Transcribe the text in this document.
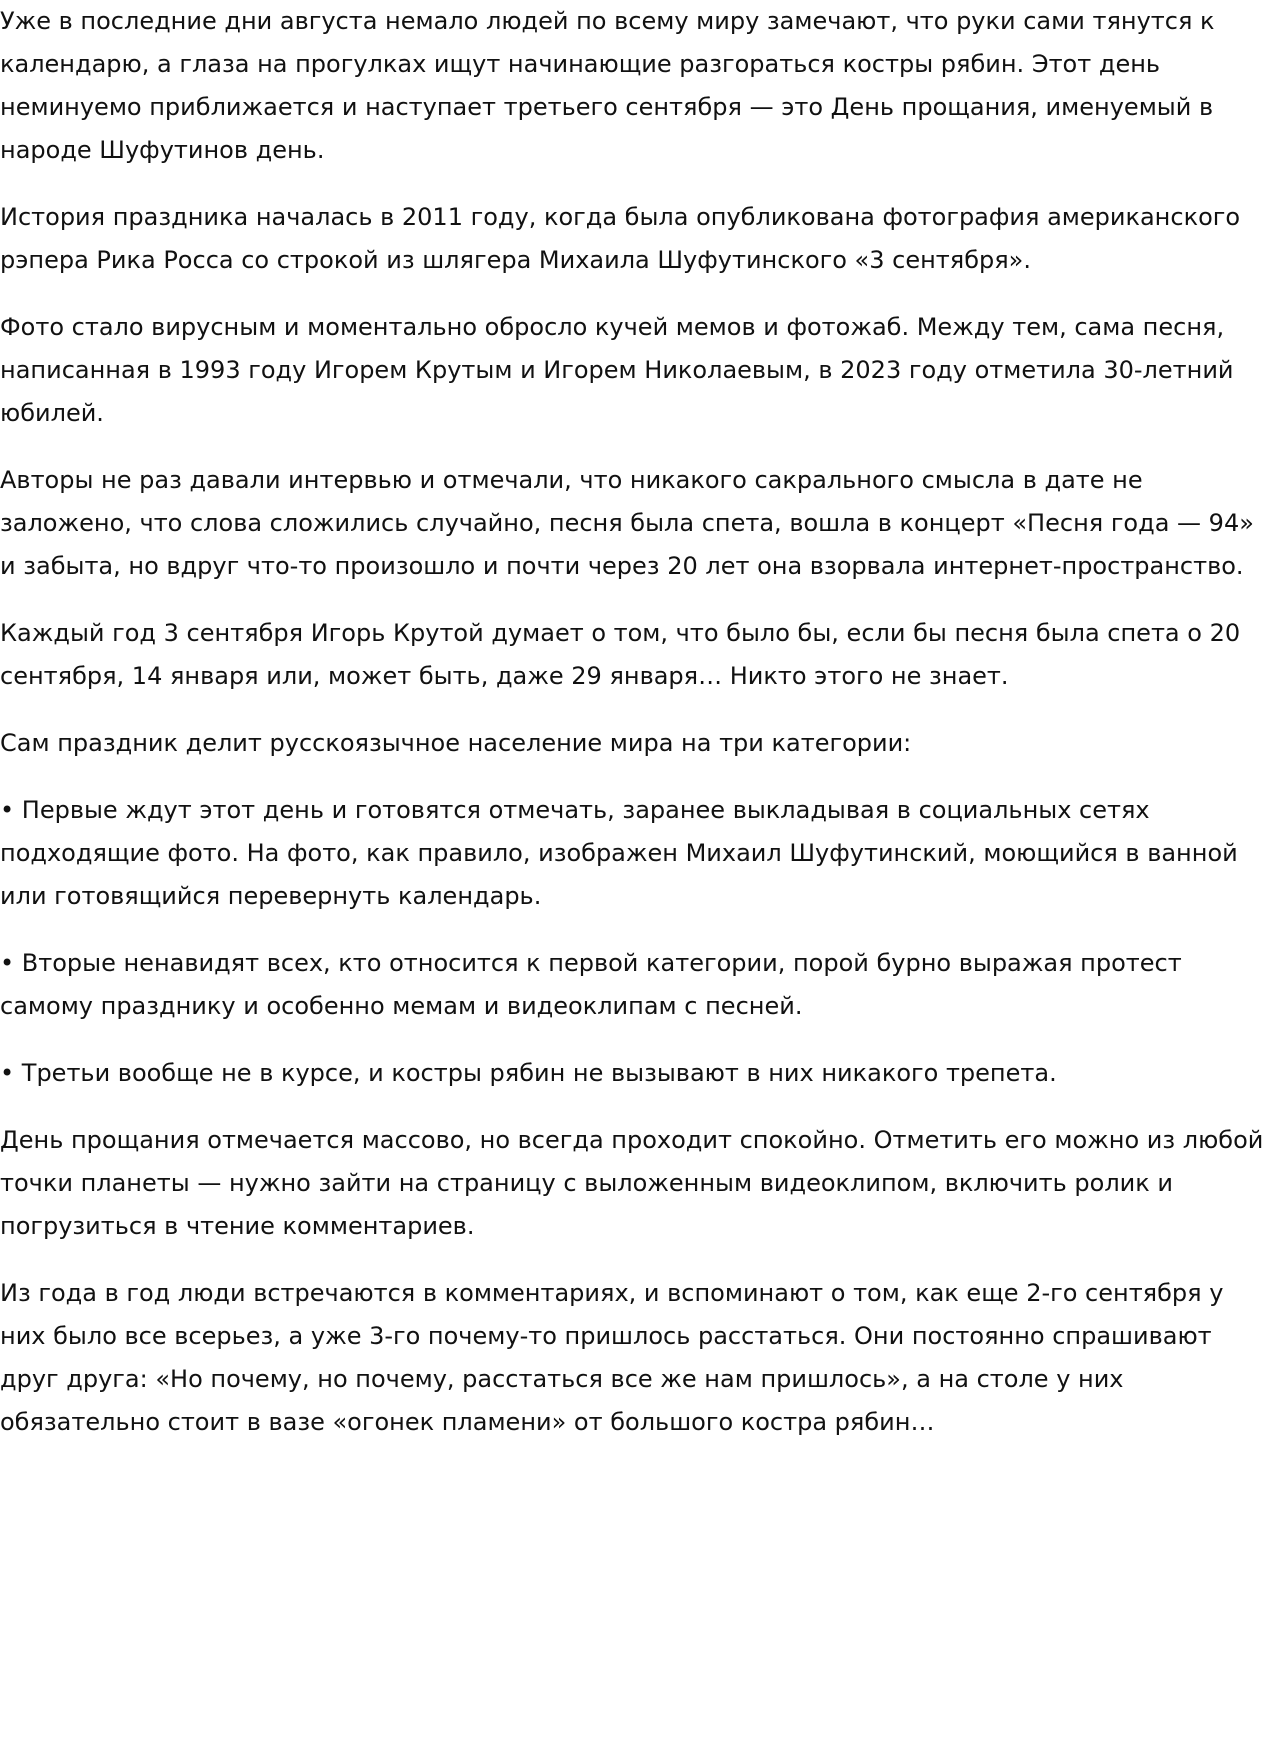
Уже в последние дни августа немало людей по всему миру замечают, что руки сами тянутся к календарю, а глаза на прогулках ищут начинающие разгораться костры рябин. Этот день неминуемо приближается и наступает третьего сентября — это День прощания, именуемый в народе Шуфутинов день.

История праздника началась в 2011 году, когда была опубликована фотография американского рэпера Рика Росса со строкой из шлягера Михаила Шуфутинского «3 сентября».

Фото стало вирусным и моментально обросло кучей мемов и фотожаб. Между тем, сама песня, написанная в 1993 году Игорем Крутым и Игорем Николаевым, в 2023 году отметила 30-летний юбилей.

Авторы не раз давали интервью и отмечали, что никакого сакрального смысла в дате не заложено, что слова сложились случайно, песня была спета, вошла в концерт «Песня года — 94» и забыта, но вдруг что-то произошло и почти через 20 лет она взорвала интернет-пространство.

Каждый год 3 сентября Игорь Крутой думает о том, что было бы, если бы песня была спета о 20 сентября, 14 января или, может быть, даже 29 января… Никто этого не знает.

Сам праздник делит русскоязычное население мира на три категории:

• Первые ждут этот день и готовятся отмечать, заранее выкладывая в социальных сетях подходящие фото. На фото, как правило, изображен Михаил Шуфутинский, моющийся в ванной или готовящийся перевернуть календарь.

• Вторые ненавидят всех, кто относится к первой категории, порой бурно выражая протест самому празднику и особенно мемам и видеоклипам с песней.

• Третьи вообще не в курсе, и костры рябин не вызывают в них никакого трепета.

День прощания отмечается массово, но всегда проходит спокойно. Отметить его можно из любой точки планеты — нужно зайти на страницу с выложенным видеоклипом, включить ролик и погрузиться в чтение комментариев.

Из года в год люди встречаются в комментариях, и вспоминают о том, как еще 2-го сентября у них было все всерьез, а уже 3-го почему-то пришлось расстаться. Они постоянно спрашивают друг друга: «Но почему, но почему, расстаться все же нам пришлось», а на столе у них обязательно стоит в вазе «огонек пламени» от большого костра рябин…
